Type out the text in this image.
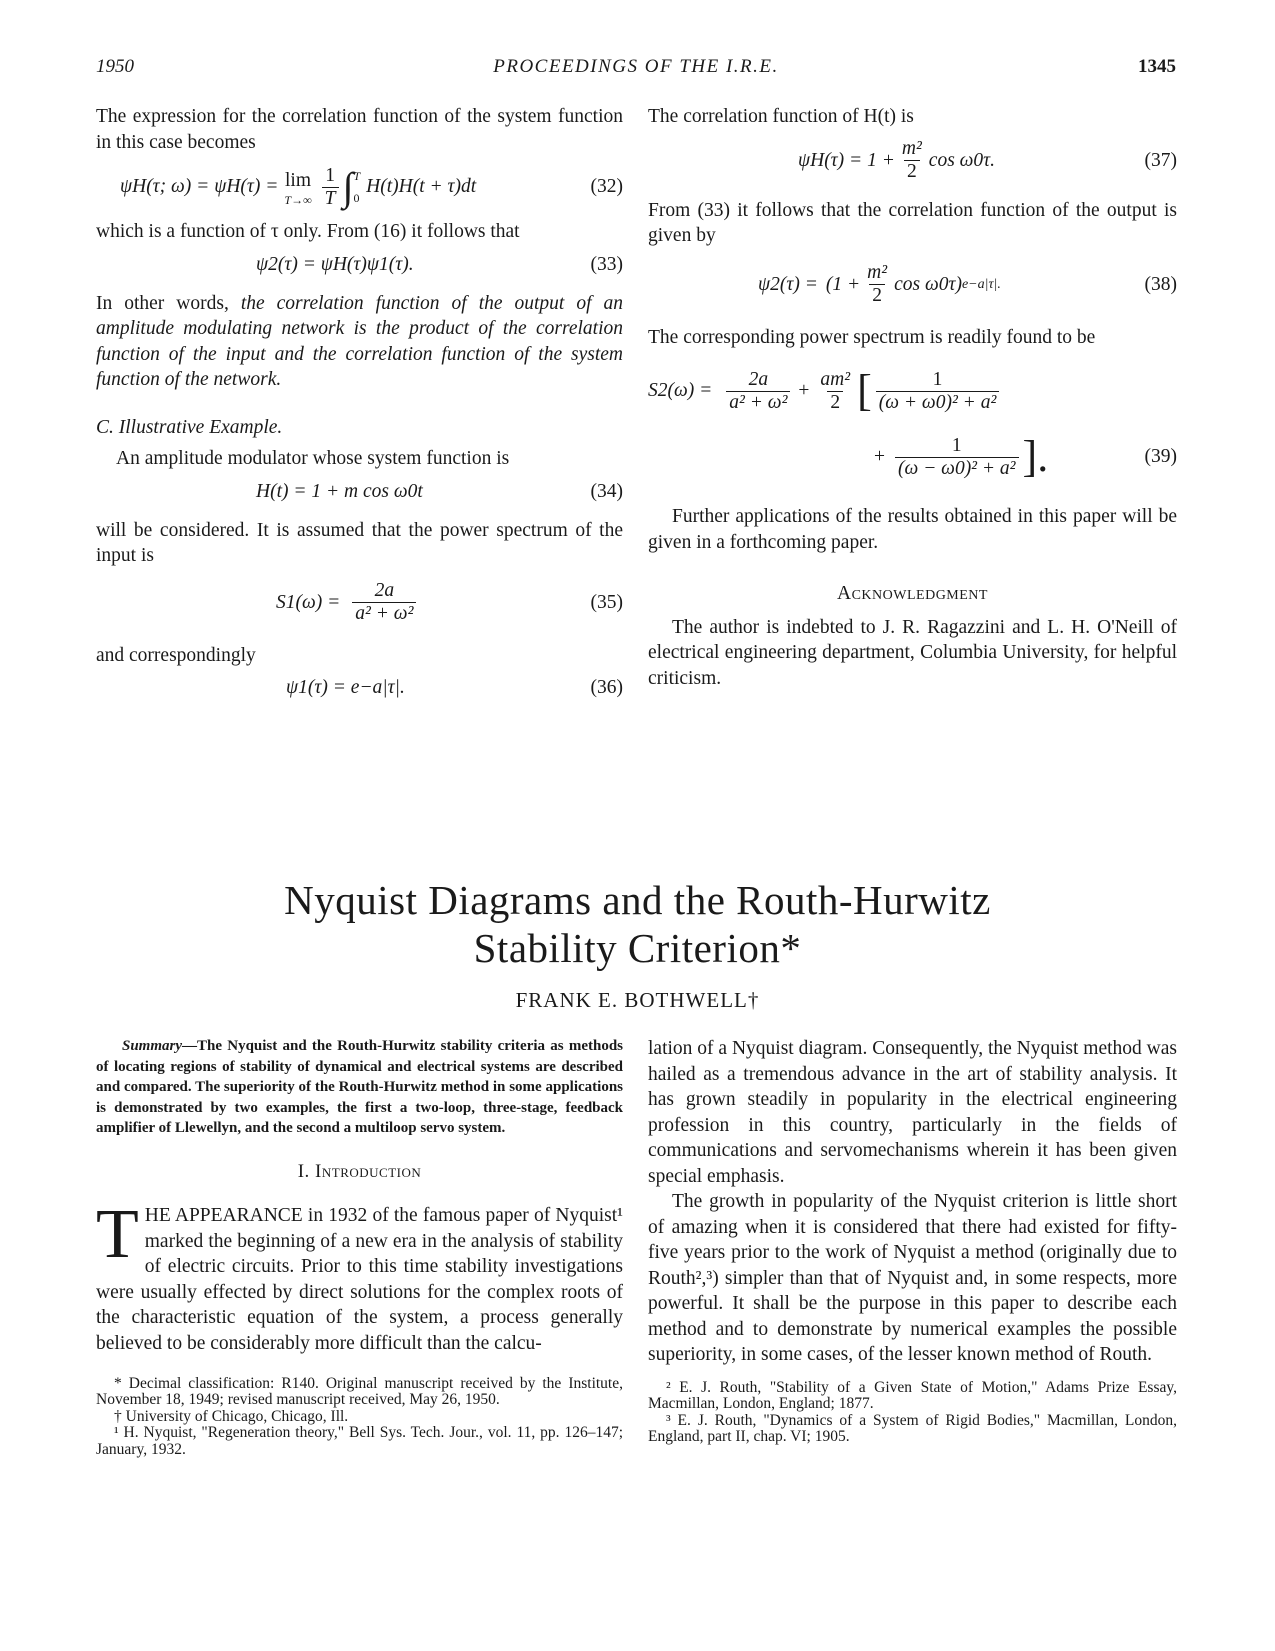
1950	PROCEEDINGS OF THE I.R.E.	1345

The expression for the correlation function of the system function in this case becomes

ψH(τ; ω) = ψH(τ) = lim
$T\to\infty \frac{1}{T}$ ∫ T
0
H(t)H(t + τ)dt	(32)

which is a function of τ only. From (16) it follows that

ψ2(τ) = ψH(τ)ψ1(τ).	(33)

In other words, the correlation function of the output of an amplitude modulating network is the product of the correlation function of the input and the correlation function of the system function of the network.

C. Illustrative Example.

An amplitude modulator whose system function is

H(t) = 1 + m cos ω0t	(34)

will be considered. It is assumed that the power spectrum of the input is

$S1(\omega) = \frac{2a}{\text{a² + ω²}}$	(35)

and correspondingly

ψ1(τ) = e−a|τ|.	(36)

The correlation function of H(t) is

$\psi H(\tau) = 1 + \frac{\text{m²}}{2}$ cos ω0τ.	(37)

From (33) it follows that the correlation function of the output is given by

$\psi 2(\tau) = (1 + \frac{\text{m²}}{2}$ cos ω0τ) e−a|τ|.	(38)

The corresponding power spectrum is readily found to be

$S2(\omega) = \frac{2a}{\text{a² + ω²}} + \frac{\text{am²}}{2}$ [ $\frac{1}{\text{(ω + ω0)² + a²}}$
+ $\frac{1}{\text{(ω − ω0)² + a²}}$ ].	(39)

Further applications of the results obtained in this paper will be given in a forthcoming paper.

Acknowledgment

The author is indebted to J. R. Ragazzini and L. H. O'Neill of electrical engineering department, Columbia University, for helpful criticism.

Nyquist Diagrams and the Routh-Hurwitz
Stability Criterion*
FRANK E. BOTHWELL†

Summary—The Nyquist and the Routh-Hurwitz stability criteria as methods of locating regions of stability of dynamical and electrical systems are described and compared. The superiority of the Routh-Hurwitz method in some applications is demonstrated by two examples, the first a two-loop, three-stage, feedback amplifier of Llewellyn, and the second a multiloop servo system.

I. Introduction

THE APPEARANCE in 1932 of the famous paper of Nyquist¹ marked the beginning of a new era in the analysis of stability of electric circuits. Prior to this time stability investigations were usually effected by direct solutions for the complex roots of the characteristic equation of the system, a process generally believed to be considerably more difficult than the calcu-

* Decimal classification: R140. Original manuscript received by the Institute, November 18, 1949; revised manuscript received, May 26, 1950.

† University of Chicago, Chicago, Ill.

¹ H. Nyquist, "Regeneration theory," Bell Sys. Tech. Jour., vol. 11, pp. 126–147; January, 1932.

lation of a Nyquist diagram. Consequently, the Nyquist method was hailed as a tremendous advance in the art of stability analysis. It has grown steadily in popularity in the electrical engineering profession in this country, particularly in the fields of communications and servomechanisms wherein it has been given special emphasis.

The growth in popularity of the Nyquist criterion is little short of amazing when it is considered that there had existed for fifty-five years prior to the work of Nyquist a method (originally due to Routh²,³) simpler than that of Nyquist and, in some respects, more powerful. It shall be the purpose in this paper to describe each method and to demonstrate by numerical examples the possible superiority, in some cases, of the lesser known method of Routh.

² E. J. Routh, "Stability of a Given State of Motion," Adams Prize Essay, Macmillan, London, England; 1877.

³ E. J. Routh, "Dynamics of a System of Rigid Bodies," Macmillan, London, England, part II, chap. VI; 1905.
